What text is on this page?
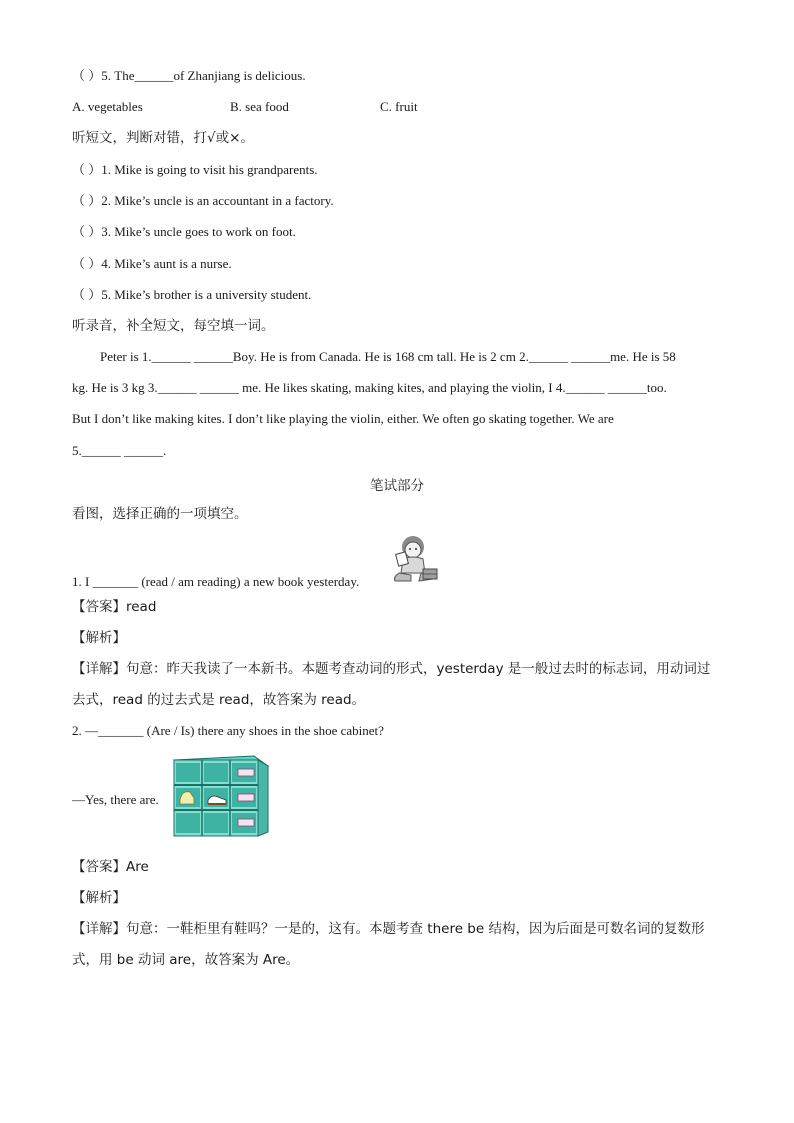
（ ）5. The______of Zhanjiang is delicious.
A. vegetables	B. sea food	C. fruit
听短文，判断对错，打√或×。
（ ）1. Mike is going to visit his grandparents.
（ ）2. Mike’s uncle is an accountant in a factory.
（ ）3. Mike’s uncle goes to work on foot.
（ ）4. Mike’s aunt is a nurse.
（ ）5. Mike’s brother is a university student.
听录音，补全短文，每空填一词。
Peter is 1.______ ______Boy. He is from Canada. He is 168 cm tall. He is 2 cm 2.______ ______me. He is 58
kg. He is 3 kg 3.______ ______ me. He likes skating, making kites, and playing the violin, I 4.______ ______too.
But I don’t like making kites. I don’t like playing the violin, either. We often go skating together. We are
5.______ ______.
笔试部分
看图，选择正确的一项填空。
1. I _______ (read / am reading) a new book yesterday.
【答案】read
【解析】
【详解】句意：昨天我读了一本新书。本题考查动词的形式，yesterday 是一般过去时的标志词，用动词过
去式，read 的过去式是 read，故答案为 read。
2. —_______ (Are / Is) there any shoes in the shoe cabinet?
—Yes, there are.
【答案】Are
【解析】
【详解】句意：一鞋柜里有鞋吗？一是的，这有。本题考查 there be 结构，因为后面是可数名词的复数形
式，用 be 动词 are，故答案为 Are。
